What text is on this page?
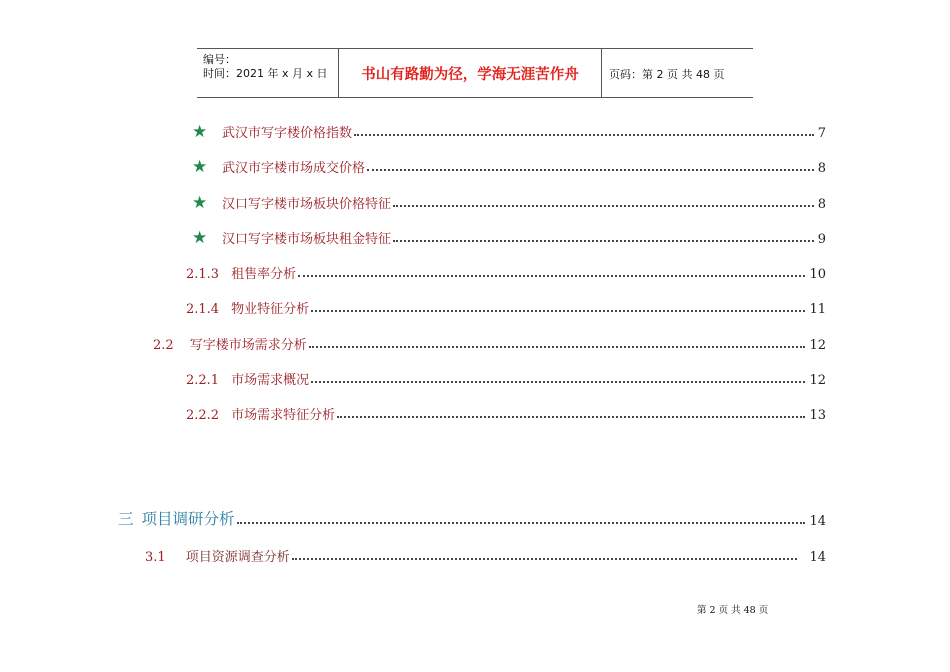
编号：
时间：2021 年 x 月 x 日	书山有路勤为径，学海无涯苦作舟	页码：第 2 页 共 48 页
★	武汉市写字楼价格指数	7
★	武汉市字楼市场成交价格	8
★	汉口写字楼市场板块价格特征	8
★	汉口写字楼市场板块租金特征	9
2.1.3 租售率分析	10
2.1.4 物业特征分析	11
2.2 写字楼市场需求分析	12
2.2.1 市场需求概况	12
2.2.2 市场需求特征分析	13
三 项目调研分析	14
3.1 项目资源调查分析	14
第 2 页 共 48 页
